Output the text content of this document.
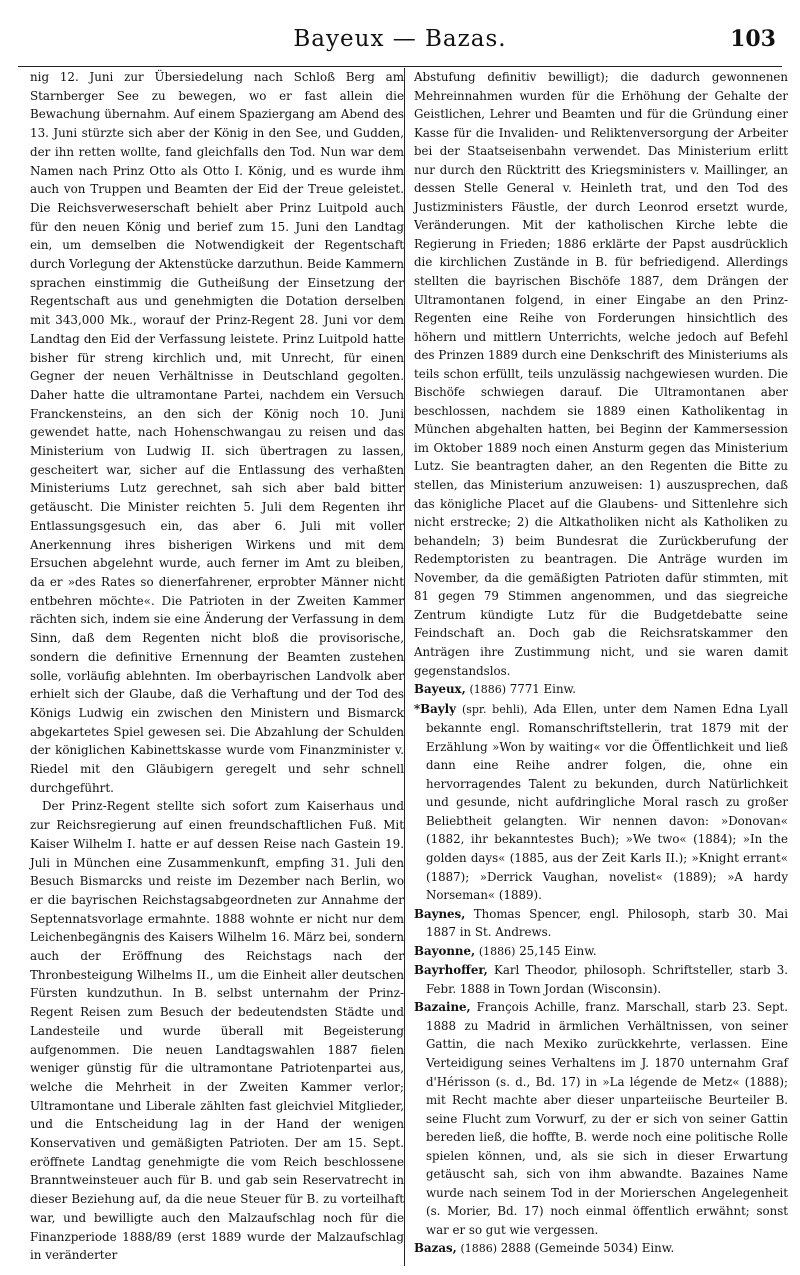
Bayeux — Bazas.	103

nig 12. Juni zur Übersiedelung nach Schloß Berg am Starnberger See zu bewegen, wo er fast allein die Bewachung übernahm. Auf einem Spaziergang am Abend des 13. Juni stürzte sich aber der König in den See, und Gudden, der ihn retten wollte, fand gleichfalls den Tod. Nun war dem Namen nach Prinz Otto als Otto I. König, und es wurde ihm auch von Truppen und Beamten der Eid der Treue geleistet. Die Reichsverweserschaft behielt aber Prinz Luitpold auch für den neuen König und berief zum 15. Juni den Landtag ein, um demselben die Notwendigkeit der Regentschaft durch Vorlegung der Aktenstücke darzuthun. Beide Kammern sprachen einstimmig die Gutheißung der Einsetzung der Regentschaft aus und genehmigten die Dotation derselben mit 343,000 Mk., worauf der Prinz-Regent 28. Juni vor dem Landtag den Eid der Verfassung leistete. Prinz Luitpold hatte bisher für streng kirchlich und, mit Unrecht, für einen Gegner der neuen Verhältnisse in Deutschland gegolten. Daher hatte die ultramontane Partei, nachdem ein Versuch Franckensteins, an den sich der König noch 10. Juni gewendet hatte, nach Hohenschwangau zu reisen und das Ministerium von Ludwig II. sich übertragen zu lassen, gescheitert war, sicher auf die Entlassung des verhaßten Ministeriums Lutz gerechnet, sah sich aber bald bitter getäuscht. Die Minister reichten 5. Juli dem Regenten ihr Entlassungsgesuch ein, das aber 6. Juli mit voller Anerkennung ihres bisherigen Wirkens und mit dem Ersuchen abgelehnt wurde, auch ferner im Amt zu bleiben, da er »des Rates so dienerfahrener, erprobter Männer nicht entbehren möchte«. Die Patrioten in der Zweiten Kammer rächten sich, indem sie eine Änderung der Verfassung in dem Sinn, daß dem Regenten nicht bloß die provisorische, sondern die definitive Ernennung der Beamten zustehen solle, vorläufig ablehnten. Im oberbayrischen Landvolk aber erhielt sich der Glaube, daß die Verhaftung und der Tod des Königs Ludwig ein zwischen den Ministern und Bismarck abgekartetes Spiel gewesen sei. Die Abzahlung der Schulden der königlichen Kabinettskasse wurde vom Finanzminister v. Riedel mit den Gläubigern geregelt und sehr schnell durchgeführt.

Der Prinz-Regent stellte sich sofort zum Kaiserhaus und zur Reichsregierung auf einen freundschaftlichen Fuß. Mit Kaiser Wilhelm I. hatte er auf dessen Reise nach Gastein 19. Juli in München eine Zusammenkunft, empfing 31. Juli den Besuch Bismarcks und reiste im Dezember nach Berlin, wo er die bayrischen Reichstagsabgeordneten zur Annahme der Septennatsvorlage ermahnte. 1888 wohnte er nicht nur dem Leichenbegängnis des Kaisers Wilhelm 16. März bei, sondern auch der Eröffnung des Reichstags nach der Thronbesteigung Wilhelms II., um die Einheit aller deutschen Fürsten kundzuthun. In B. selbst unternahm der Prinz-Regent Reisen zum Besuch der bedeutendsten Städte und Landesteile und wurde überall mit Begeisterung aufgenommen. Die neuen Landtagswahlen 1887 fielen weniger günstig für die ultramontane Patriotenpartei aus, welche die Mehrheit in der Zweiten Kammer verlor; Ultramontane und Liberale zählten fast gleichviel Mitglieder, und die Entscheidung lag in der Hand der wenigen Konservativen und gemäßigten Patrioten. Der am 15. Sept. eröffnete Landtag genehmigte die vom Reich beschlossene Branntweinsteuer auch für B. und gab sein Reservatrecht in dieser Beziehung auf, da die neue Steuer für B. zu vorteilhaft war, und bewilligte auch den Malzaufschlag noch für die Finanzperiode 1888/89 (erst 1889 wurde der Malzaufschlag in veränderter

Abstufung definitiv bewilligt); die dadurch gewonnenen Mehreinnahmen wurden für die Erhöhung der Gehalte der Geistlichen, Lehrer und Beamten und für die Gründung einer Kasse für die Invaliden- und Reliktenversorgung der Arbeiter bei der Staatseisenbahn verwendet. Das Ministerium erlitt nur durch den Rücktritt des Kriegsministers v. Maillinger, an dessen Stelle General v. Heinleth trat, und den Tod des Justizministers Fäustle, der durch Leonrod ersetzt wurde, Veränderungen. Mit der katholischen Kirche lebte die Regierung in Frieden; 1886 erklärte der Papst ausdrücklich die kirchlichen Zustände in B. für befriedigend. Allerdings stellten die bayrischen Bischöfe 1887, dem Drängen der Ultramontanen folgend, in einer Eingabe an den Prinz-Regenten eine Reihe von Forderungen hinsichtlich des höhern und mittlern Unterrichts, welche jedoch auf Befehl des Prinzen 1889 durch eine Denkschrift des Ministeriums als teils schon erfüllt, teils unzulässig nachgewiesen wurden. Die Bischöfe schwiegen darauf. Die Ultramontanen aber beschlossen, nachdem sie 1889 einen Katholikentag in München abgehalten hatten, bei Beginn der Kammersession im Oktober 1889 noch einen Ansturm gegen das Ministerium Lutz. Sie beantragten daher, an den Regenten die Bitte zu stellen, das Ministerium anzuweisen: 1) auszusprechen, daß das königliche Placet auf die Glaubens- und Sittenlehre sich nicht erstrecke; 2) die Altkatholiken nicht als Katholiken zu behandeln; 3) beim Bundesrat die Zurückberufung der Redemptoristen zu beantragen. Die Anträge wurden im November, da die gemäßigten Patrioten dafür stimmten, mit 81 gegen 79 Stimmen angenommen, und das siegreiche Zentrum kündigte Lutz für die Budgetdebatte seine Feindschaft an. Doch gab die Reichsratskammer den Anträgen ihre Zustimmung nicht, und sie waren damit gegenstandslos.

Bayeux, (1886) 7771 Einw.

*Bayly (spr. behli), Ada Ellen, unter dem Namen Edna Lyall bekannte engl. Romanschriftstellerin, trat 1879 mit der Erzählung »Won by waiting« vor die Öffentlichkeit und ließ dann eine Reihe andrer folgen, die, ohne ein hervorragendes Talent zu bekunden, durch Natürlichkeit und gesunde, nicht aufdringliche Moral rasch zu großer Beliebtheit gelangten. Wir nennen davon: »Donovan« (1882, ihr bekanntestes Buch); »We two« (1884); »In the golden days« (1885, aus der Zeit Karls II.); »Knight errant« (1887); »Derrick Vaughan, novelist« (1889); »A hardy Norseman« (1889).

Baynes, Thomas Spencer, engl. Philosoph, starb 30. Mai 1887 in St. Andrews.

Bayonne, (1886) 25,145 Einw.

Bayrhoffer, Karl Theodor, philosoph. Schriftsteller, starb 3. Febr. 1888 in Town Jordan (Wisconsin).

Bazaine, François Achille, franz. Marschall, starb 23. Sept. 1888 zu Madrid in ärmlichen Verhältnissen, von seiner Gattin, die nach Mexiko zurückkehrte, verlassen. Eine Verteidigung seines Verhaltens im J. 1870 unternahm Graf d'Hérisson (s. d., Bd. 17) in »La légende de Metz« (1888); mit Recht machte aber dieser unparteiische Beurteiler B. seine Flucht zum Vorwurf, zu der er sich von seiner Gattin bereden ließ, die hoffte, B. werde noch eine politische Rolle spielen können, und, als sie sich in dieser Erwartung getäuscht sah, sich von ihm abwandte. Bazaines Name wurde nach seinem Tod in der Morierschen Angelegenheit (s. Morier, Bd. 17) noch einmal öffentlich erwähnt; sonst war er so gut wie vergessen.

Bazas, (1886) 2888 (Gemeinde 5034) Einw.
